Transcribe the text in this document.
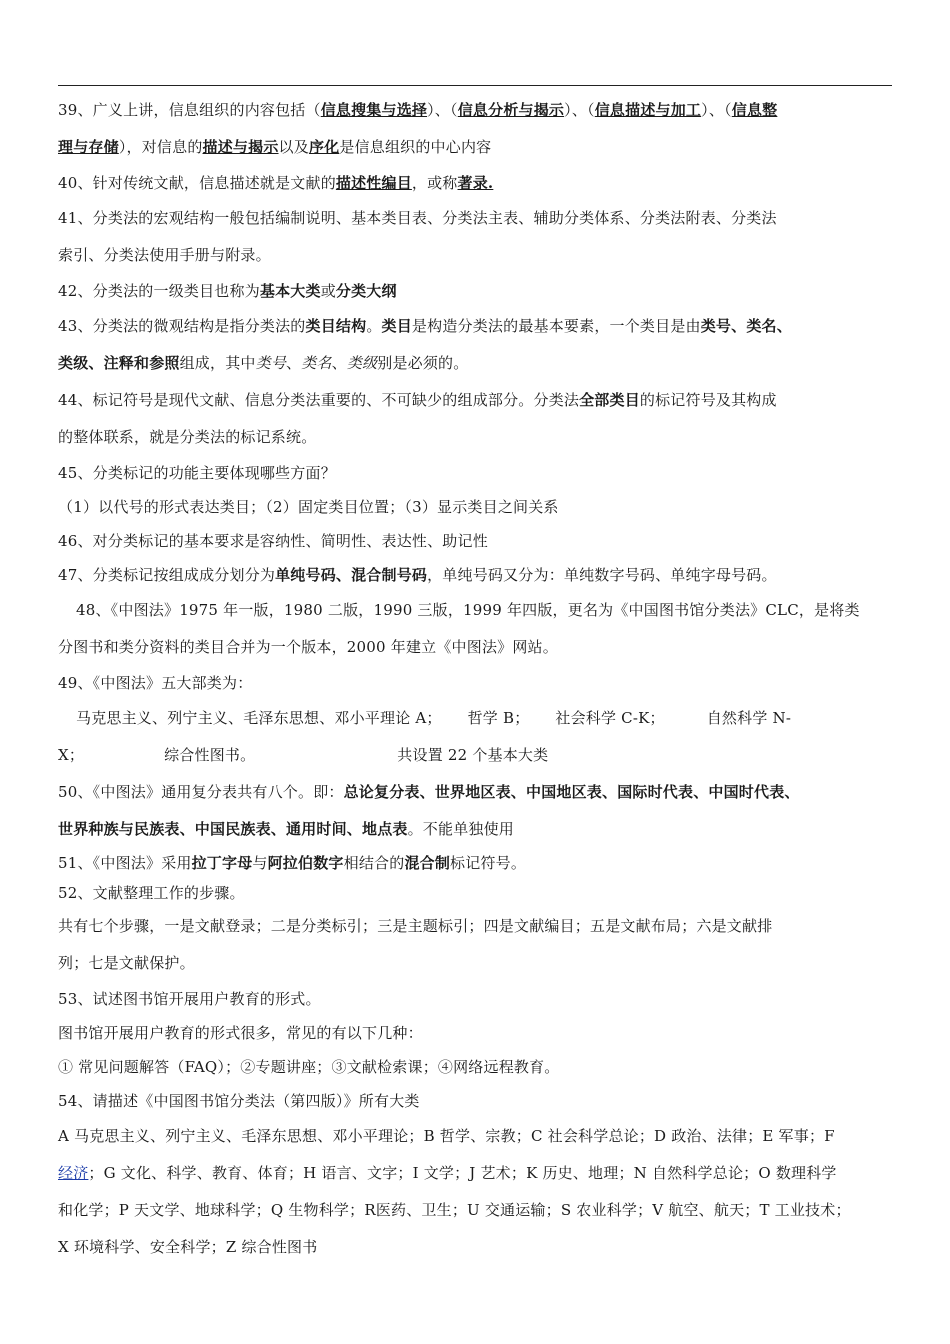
39、广义上讲，信息组织的内容包括（信息搜集与选择）、（信息分析与揭示）、（信息描述与加工）、（信息整
理与存储），对信息的描述与揭示以及序化是信息组织的中心内容
40、针对传统文献，信息描述就是文献的描述性编目，或称著录.
41、分类法的宏观结构一般包括编制说明、基本类目表、分类法主表、辅助分类体系、分类法附表、分类法
索引、分类法使用手册与附录。
42、分类法的一级类目也称为基本大类或分类大纲
43、分类法的微观结构是指分类法的类目结构。类目是构造分类法的最基本要素，一个类目是由类号、类名、
类级、注释和参照组成，其中类号、类名、类级别是必须的。
44、标记符号是现代文献、信息分类法重要的、不可缺少的组成部分。分类法全部类目的标记符号及其构成
的整体联系，就是分类法的标记系统。
45、分类标记的功能主要体现哪些方面？
（1）以代号的形式表达类目；（2）固定类目位置；（3）显示类目之间关系
46、对分类标记的基本要求是容纳性、简明性、表达性、助记性
47、分类标记按组成成分划分为单纯号码、混合制号码，单纯号码又分为：单纯数字号码、单纯字母号码。
48、《中图法》1975 年一版，1980 二版，1990 三版，1999 年四版，更名为《中国图书馆分类法》CLC，是将类
分图书和类分资料的类目合并为一个版本，2000 年建立《中图法》网站。
49、《中图法》五大部类为：
马克思主义、列宁主义、毛泽东思想、邓小平理论 A； 哲学 B； 社会科学 C-K；	自然科学 N-
X；	综合性图书。	共设置 22 个基本大类
50、《中图法》通用复分表共有八个。即：总论复分表、世界地区表、中国地区表、国际时代表、中国时代表、
世界种族与民族表、中国民族表、通用时间、地点表。不能单独使用
51、《中图法》采用拉丁字母与阿拉伯数字相结合的混合制标记符号。
52、文献整理工作的步骤。
共有七个步骤，一是文献登录；二是分类标引；三是主题标引；四是文献编目；五是文献布局；六是文献排
列；七是文献保护。
53、试述图书馆开展用户教育的形式。
图书馆开展用户教育的形式很多，常见的有以下几种：
① 常见问题解答（FAQ）；②专题讲座；③文献检索课；④网络远程教育。
54、请描述《中国图书馆分类法（第四版）》所有大类
A 马克思主义、列宁主义、毛泽东思想、邓小平理论；B 哲学、宗教；C 社会科学总论；D 政治、法律；E 军事；F
经济；G 文化、科学、教育、体育；H 语言、文字；I 文学；J 艺术；K 历史、地理；N 自然科学总论；O 数理科学
和化学；P 天文学、地球科学；Q 生物科学；R医药、卫生；U 交通运输；S 农业科学；V 航空、航天；T 工业技术；
X 环境科学、安全科学；Z 综合性图书
